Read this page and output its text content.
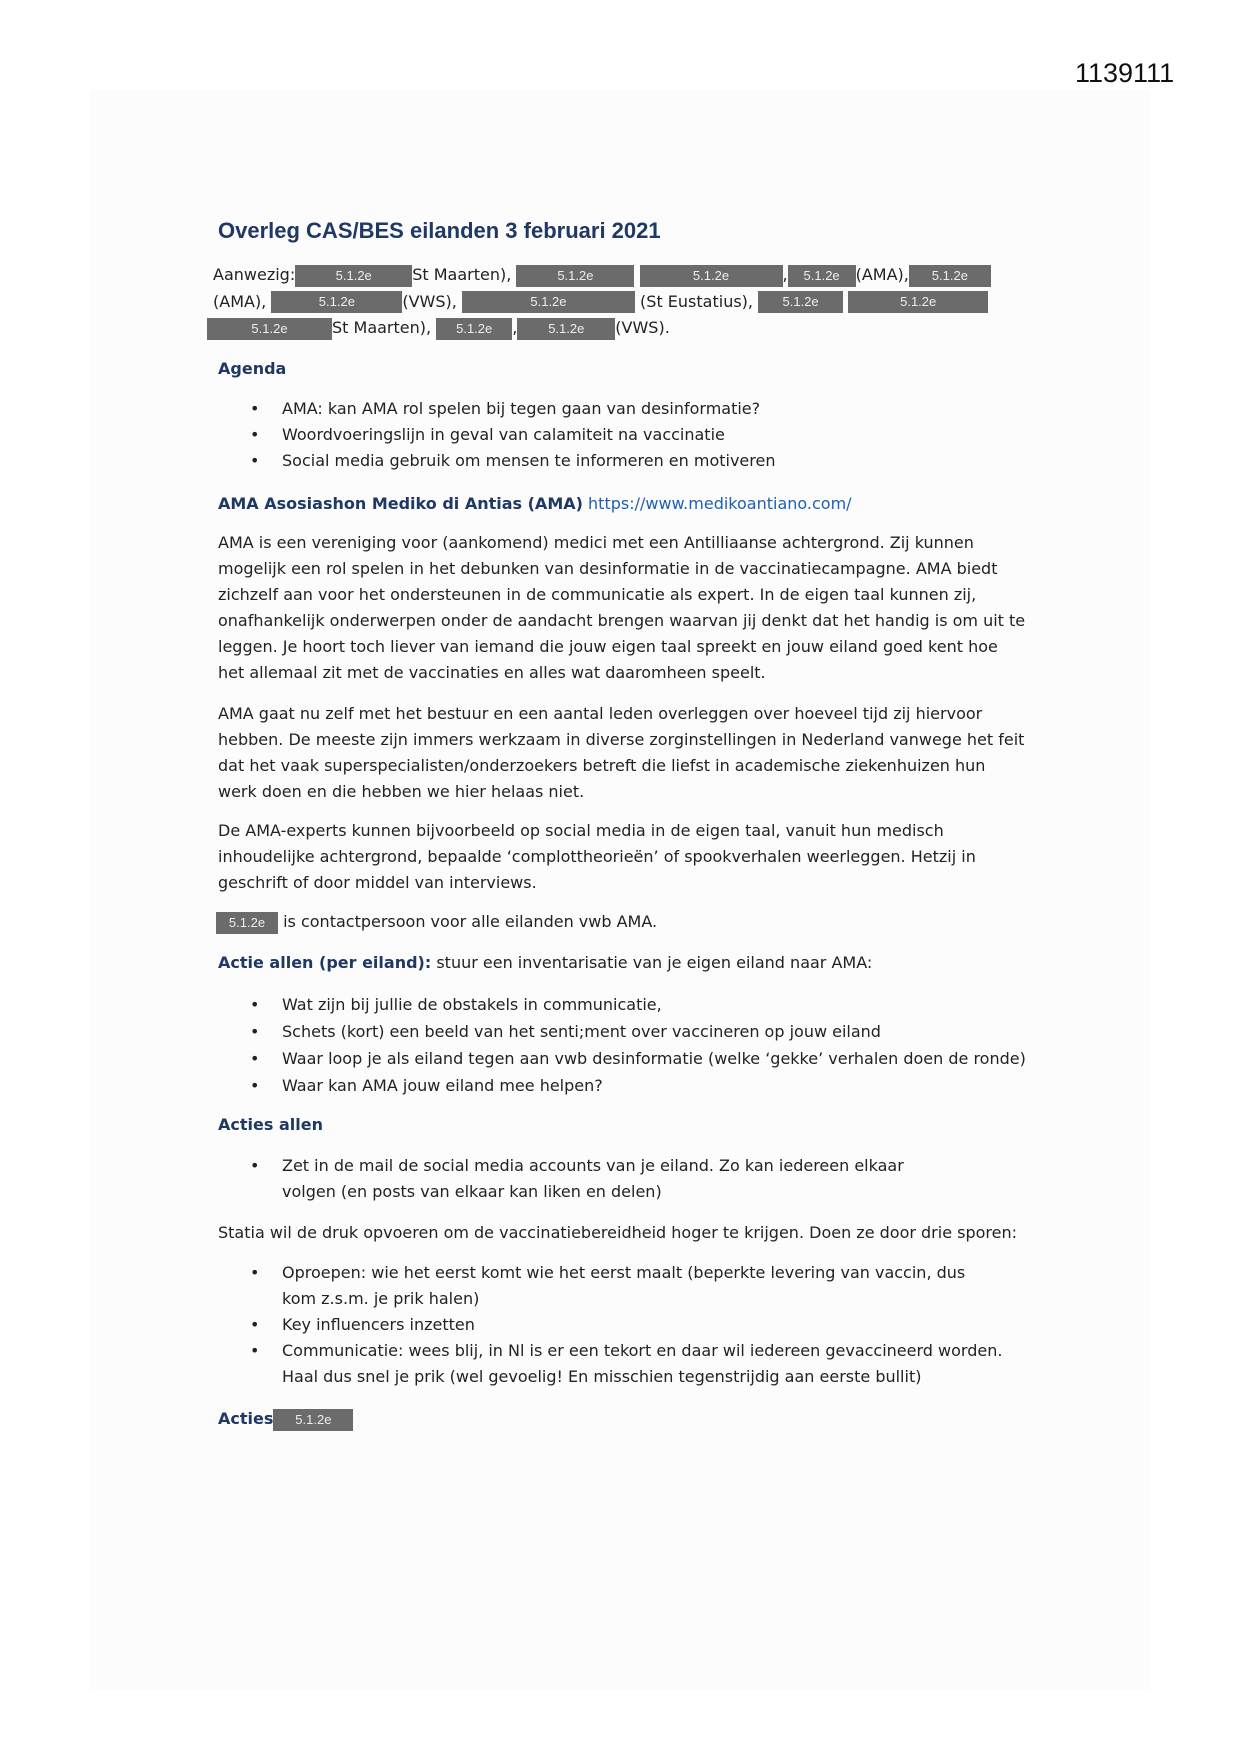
1139111
Overleg CAS/BES eilanden 3 februari 2021
Aanwezig:	5.1.2e	St Maarten),	5.1.2e	5.1.2e	, 5.1.2e (AMA), 5.1.2e
(AMA),	5.1.2e	(VWS),	5.1.2e	(St Eustatius), 5.1.2e	5.1.2e
5.1.2e	St Maarten), 5.1.2e , 5.1.2e (VWS).
Agenda
• AMA: kan AMA rol spelen bij tegen gaan van desinformatie?
• Woordvoeringslijn in geval van calamiteit na vaccinatie
• Social media gebruik om mensen te informeren en motiveren
AMA Asosiashon Mediko di Antias (AMA) https://www.medikoantiano.com/
AMA is een vereniging voor (aankomend) medici met een Antilliaanse achtergrond. Zij kunnen mogelijk een rol spelen in het debunken van desinformatie in de vaccinatiecampagne. AMA biedt zichzelf aan voor het ondersteunen in de communicatie als expert. In de eigen taal kunnen zij, onafhankelijk onderwerpen onder de aandacht brengen waarvan jij denkt dat het handig is om uit te leggen. Je hoort toch liever van iemand die jouw eigen taal spreekt en jouw eiland goed kent hoe het allemaal zit met de vaccinaties en alles wat daaromheen speelt.
AMA gaat nu zelf met het bestuur en een aantal leden overleggen over hoeveel tijd zij hiervoor hebben. De meeste zijn immers werkzaam in diverse zorginstellingen in Nederland vanwege het feit dat het vaak superspecialisten/onderzoekers betreft die liefst in academische ziekenhuizen hun werk doen en die hebben we hier helaas niet.
De AMA-experts kunnen bijvoorbeeld op social media in de eigen taal, vanuit hun medisch inhoudelijke achtergrond, bepaalde ‘complottheorieën’ of spookverhalen weerleggen. Hetzij in geschrift of door middel van interviews.
5.1.2e is contactpersoon voor alle eilanden vwb AMA.
Actie allen (per eiland): stuur een inventarisatie van je eigen eiland naar AMA:
• Wat zijn bij jullie de obstakels in communicatie,
• Schets (kort) een beeld van het senti;ment over vaccineren op jouw eiland
• Waar loop je als eiland tegen aan vwb desinformatie (welke ‘gekke’ verhalen doen de ronde)
• Waar kan AMA jouw eiland mee helpen?
Acties allen
• Zet in de mail de social media accounts van je eiland. Zo kan iedereen elkaar volgen (en posts van elkaar kan liken en delen)
Statia wil de druk opvoeren om de vaccinatiebereidheid hoger te krijgen. Doen ze door drie sporen:
• Oproepen: wie het eerst komt wie het eerst maalt (beperkte levering van vaccin, dus kom z.s.m. je prik halen)
• Key influencers inzetten
• Communicatie: wees blij, in Nl is er een tekort en daar wil iedereen gevaccineerd worden. Haal dus snel je prik (wel gevoelig! En misschien tegenstrijdig aan eerste bullit)
Acties 5.1.2e
